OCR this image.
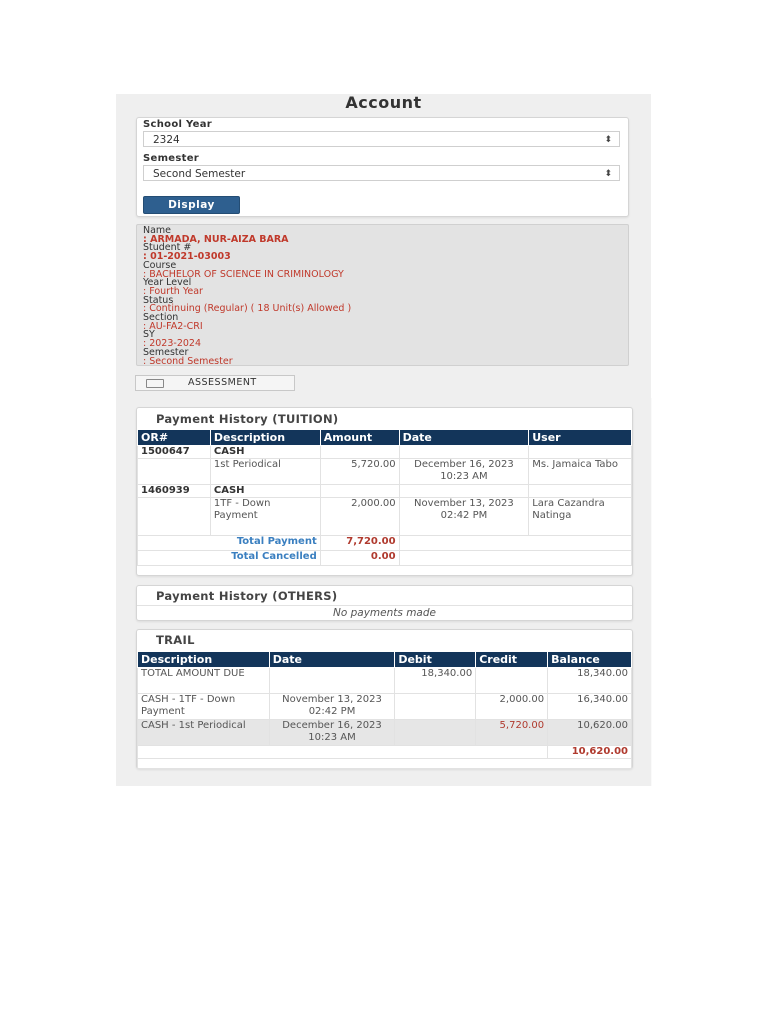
Account
School Year
2324	⬍
Semester
Second Semester	⬍
Display
Name
: ARMADA, NUR-AIZA BARA
Student #
: 01-2021-03003
Course
: BACHELOR OF SCIENCE IN CRIMINOLOGY
Year Level
: Fourth Year
Status
: Continuing (Regular) ( 18 Unit(s) Allowed )
Section
: AU-FA2-CRI
SY
: 2023-2024
Semester
: Second Semester
ASSESSMENT
Payment History (TUITION)
OR#	Description	Amount	Date	User
1500647	CASH			
	1st Periodical	5,720.00	December 16, 2023 10:23 AM	Ms. Jamaica Tabo
1460939	CASH			
	1TF - Down Payment	2,000.00	November 13, 2023 02:42 PM	Lara Cazandra Natinga
Total Payment		7,720.00		
Total Cancelled		0.00		
Payment History (OTHERS)
No payments made
TRAIL
Description	Date	Debit	Credit	Balance
TOTAL AMOUNT DUE		18,340.00		18,340.00
CASH - 1TF - Down Payment	November 13, 2023 02:42 PM		2,000.00	16,340.00
CASH - 1st Periodical	December 16, 2023 10:23 AM		5,720.00	10,620.00
				10,620.00
